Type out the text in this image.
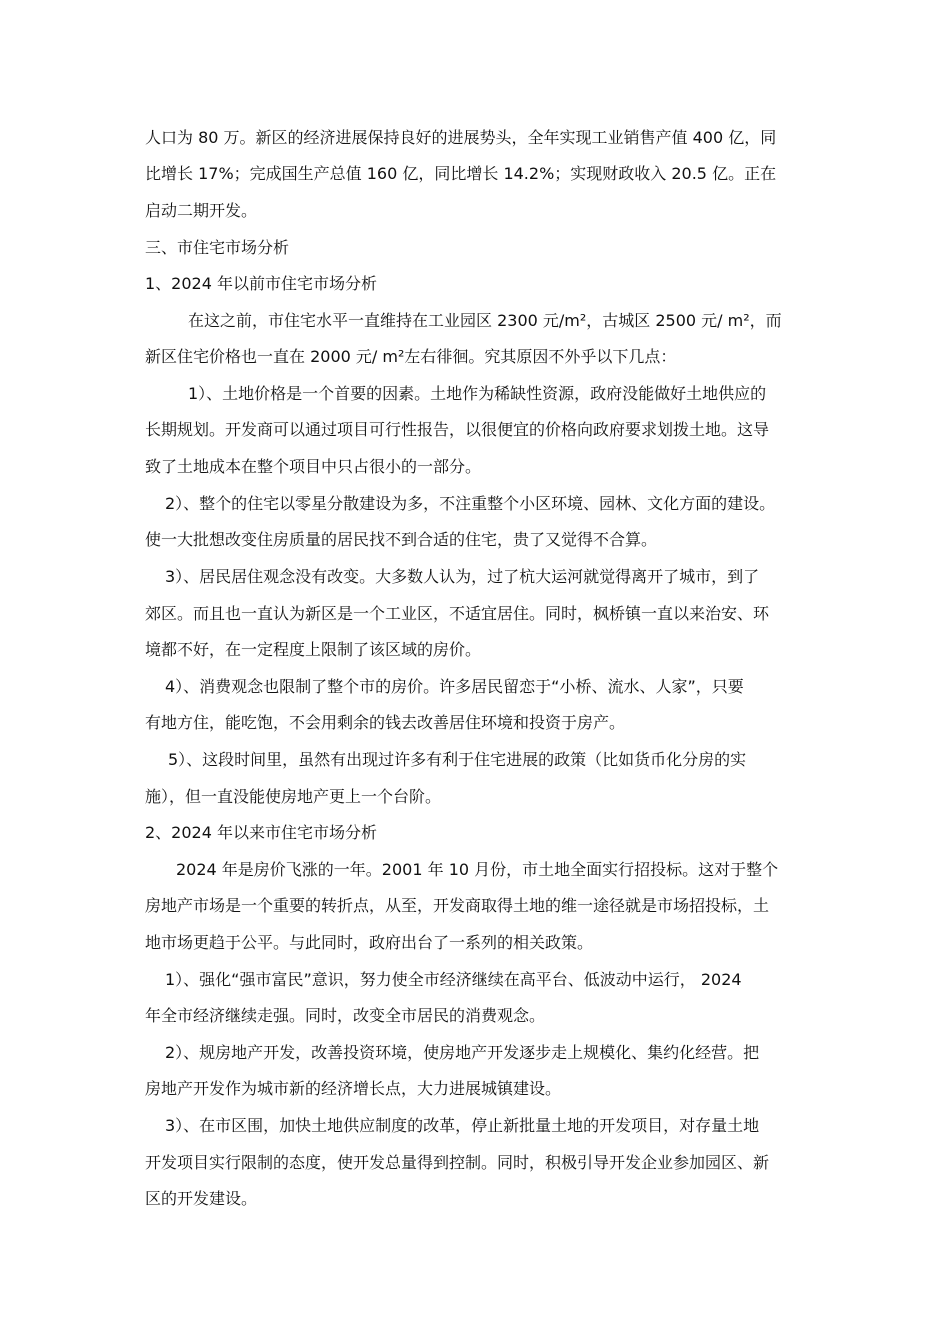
人口为 80 万。新区的经济进展保持良好的进展势头，全年实现工业销售产值 400 亿，同
比增长 17%；完成国生产总值 160 亿，同比增长 14.2%；实现财政收入 20.5 亿。正在
启动二期开发。
三、市住宅市场分析
1、2024 年以前市住宅市场分析
在这之前，市住宅水平一直维持在工业园区 2300 元/m²，古城区 2500 元/ m²，而
新区住宅价格也一直在 2000 元/ m²左右徘徊。究其原因不外乎以下几点：
1）、土地价格是一个首要的因素。土地作为稀缺性资源，政府没能做好土地供应的
长期规划。开发商可以通过项目可行性报告，以很便宜的价格向政府要求划拨土地。这导
致了土地成本在整个项目中只占很小的一部分。
2）、整个的住宅以零星分散建设为多，不注重整个小区环境、园林、文化方面的建设。
使一大批想改变住房质量的居民找不到合适的住宅，贵了又觉得不合算。
3）、居民居住观念没有改变。大多数人认为，过了杭大运河就觉得离开了城市，到了
郊区。而且也一直认为新区是一个工业区，不适宜居住。同时，枫桥镇一直以来治安、环
境都不好，在一定程度上限制了该区域的房价。
4）、消费观念也限制了整个市的房价。许多居民留恋于“小桥、流水、人家”，只要
有地方住，能吃饱，不会用剩余的钱去改善居住环境和投资于房产。
5）、这段时间里，虽然有出现过许多有利于住宅进展的政策（比如货币化分房的实
施），但一直没能使房地产更上一个台阶。
2、2024 年以来市住宅市场分析
2024 年是房价飞涨的一年。2001 年 10 月份，市土地全面实行招投标。这对于整个
房地产市场是一个重要的转折点，从至，开发商取得土地的维一途径就是市场招投标，土
地市场更趋于公平。与此同时，政府出台了一系列的相关政策。
1）、强化“强市富民”意识，努力使全市经济继续在高平台、低波动中运行， 2024
年全市经济继续走强。同时，改变全市居民的消费观念。
2）、规房地产开发，改善投资环境，使房地产开发逐步走上规模化、集约化经营。把
房地产开发作为城市新的经济增长点，大力进展城镇建设。
3）、在市区围，加快土地供应制度的改革，停止新批量土地的开发项目，对存量土地
开发项目实行限制的态度，使开发总量得到控制。同时，积极引导开发企业参加园区、新
区的开发建设。
